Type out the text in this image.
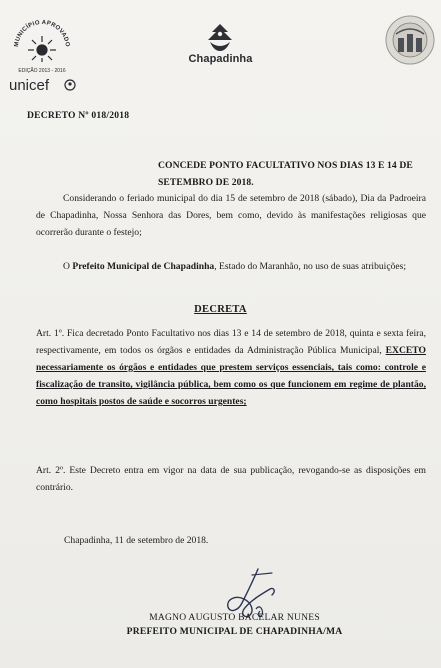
MUNICÍPIO APROVADO
EDIÇÃO 2013 - 2016
unicef
Chapadinha
DECRETO Nº 018/2018
CONCEDE PONTO FACULTATIVO NOS DIAS 13 E 14 DE SETEMBRO DE 2018.
Considerando o feriado municipal do dia 15 de setembro de 2018 (sábado), Dia da Padroeira de Chapadinha, Nossa Senhora das Dores, bem como, devido às manifestações religiosas que ocorrerão durante o festejo;
O Prefeito Municipal de Chapadinha, Estado do Maranhão, no uso de suas atribuições;
DECRETA
Art. 1º. Fica decretado Ponto Facultativo nos dias 13 e 14 de setembro de 2018, quinta e sexta feira, respectivamente, em todos os órgãos e entidades da Administração Pública Municipal, EXCETO necessariamente os órgãos e entidades que prestem serviços essenciais, tais como: controle e fiscalização de transito, vigilância pública, bem como os que funcionem em regime de plantão, como hospitais postos de saúde e socorros urgentes;
Art. 2º. Este Decreto entra em vigor na data de sua publicação, revogando-se as disposições em contrário.
Chapadinha, 11 de setembro de 2018.
MAGNO AUGUSTO BACELAR NUNES
PREFEITO MUNICIPAL DE CHAPADINHA/MA
